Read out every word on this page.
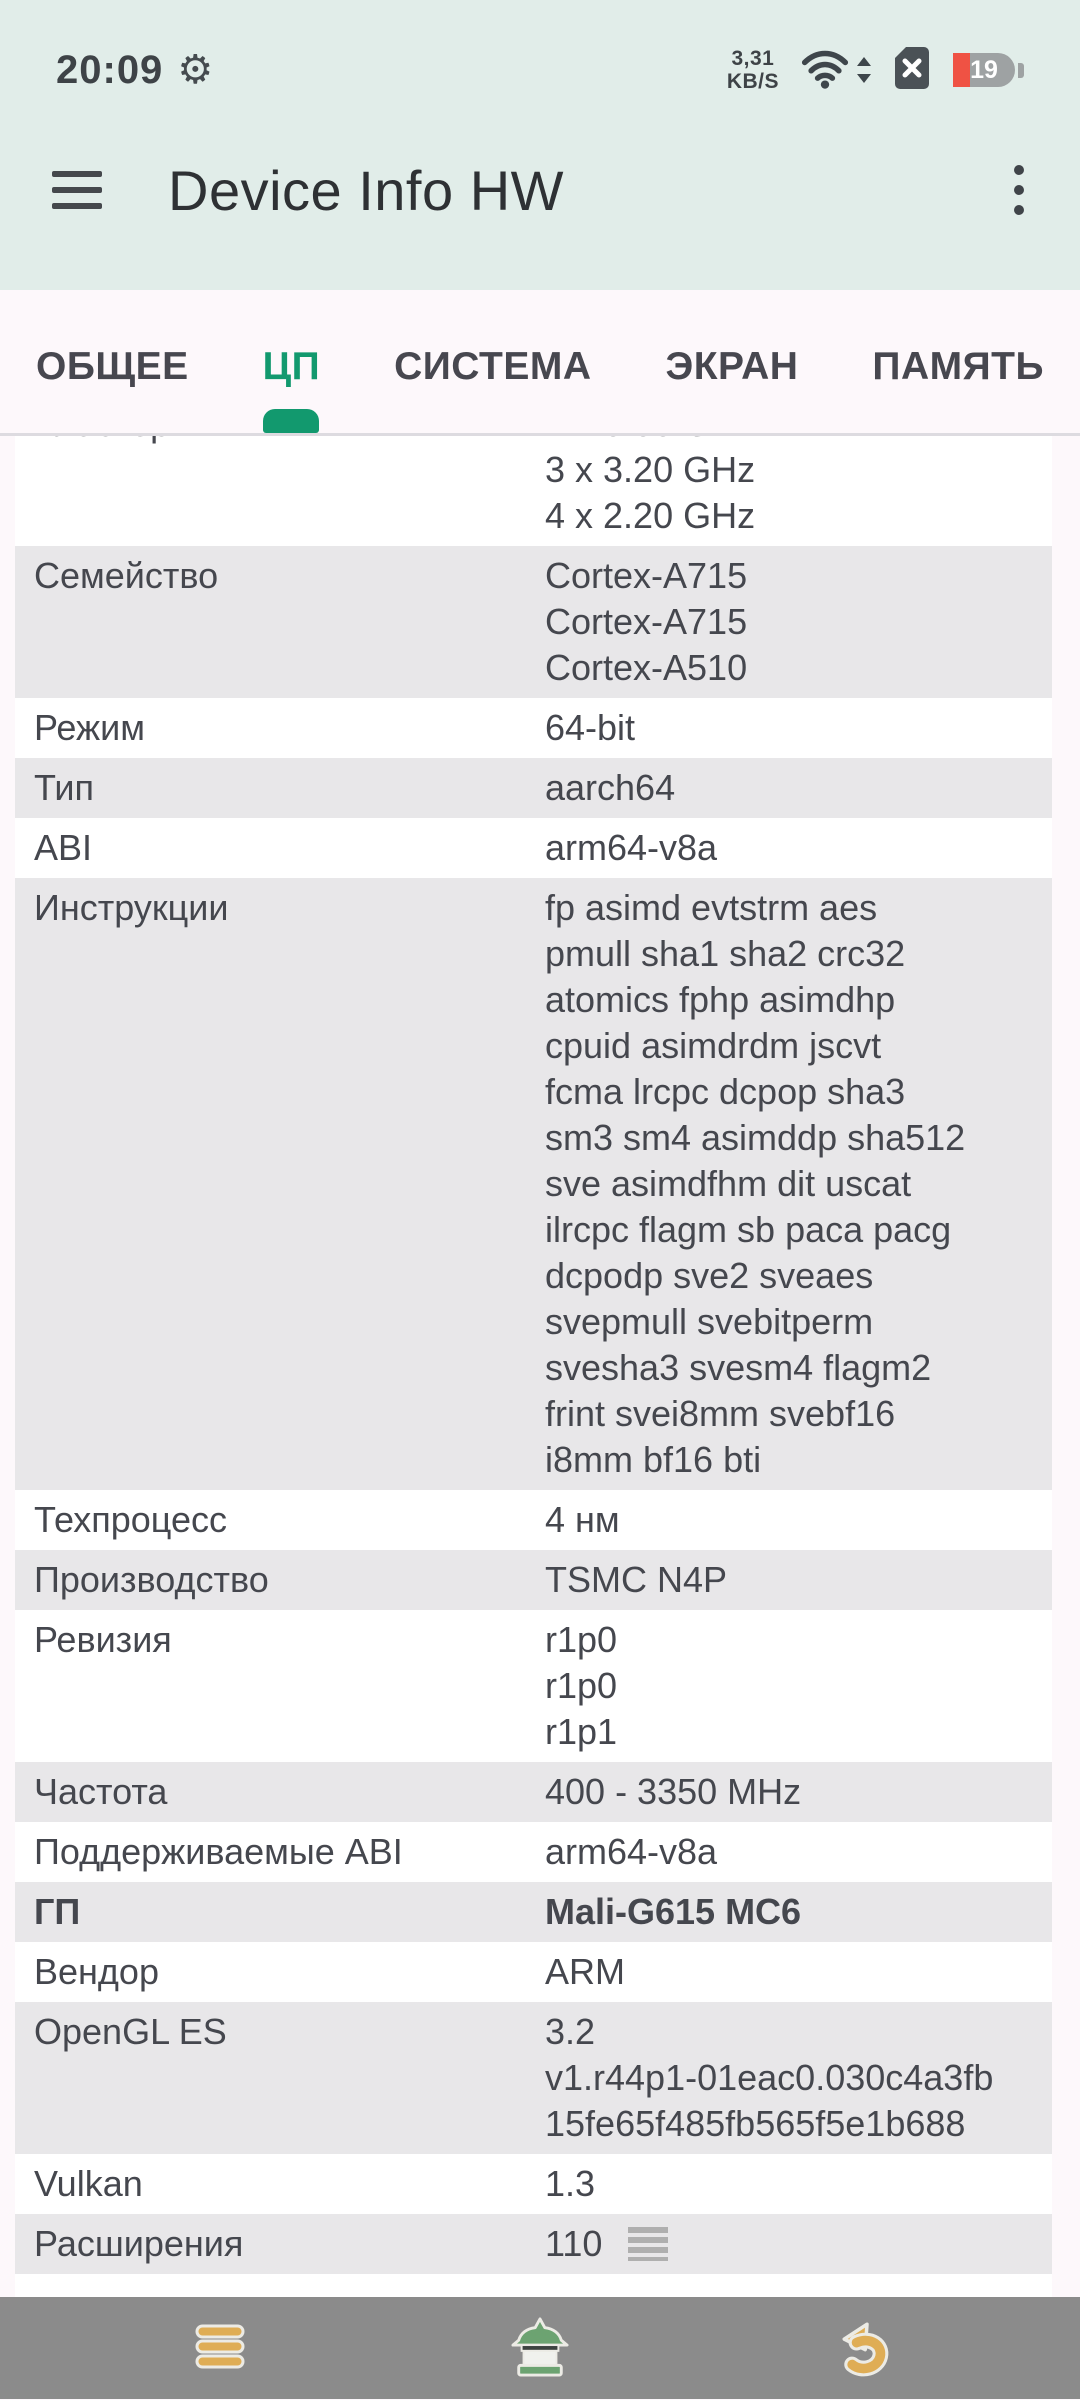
20:09 ⚙	3,31
KB/S	19
Device Info HW
ОБЩЕЕ ЦП СИСТЕМА ЭКРАН ПАМЯТЬ
3 x 3.20 GHz
4 x 2.20 GHz
Семейство	Cortex-A715
Cortex-A715
Cortex-A510
Режим	64-bit
Тип	aarch64
ABI	arm64-v8a
Инструкции	fp asimd evtstrm aes
pmull sha1 sha2 crc32
atomics fphp asimdhp
cpuid asimdrdm jscvt
fcma lrcpc dcpop sha3
sm3 sm4 asimddp sha512
sve asimdfhm dit uscat
ilrcpc flagm sb paca pacg
dcpodp sve2 sveaes
svepmull svebitperm
svesha3 svesm4 flagm2
frint svei8mm svebf16
i8mm bf16 bti
Техпроцесс	4 нм
Производство	TSMC N4P
Ревизия	r1p0
r1p0
r1p1
Частота	400 - 3350 MHz
Поддерживаемые ABI	arm64-v8a
ГП	Mali-G615 MC6
Вендор	ARM
OpenGL ES	3.2
v1.r44p1-01eac0.030c4a3fb
15fe65f485fb565f5e1b688
Vulkan	1.3
Расширения	110
